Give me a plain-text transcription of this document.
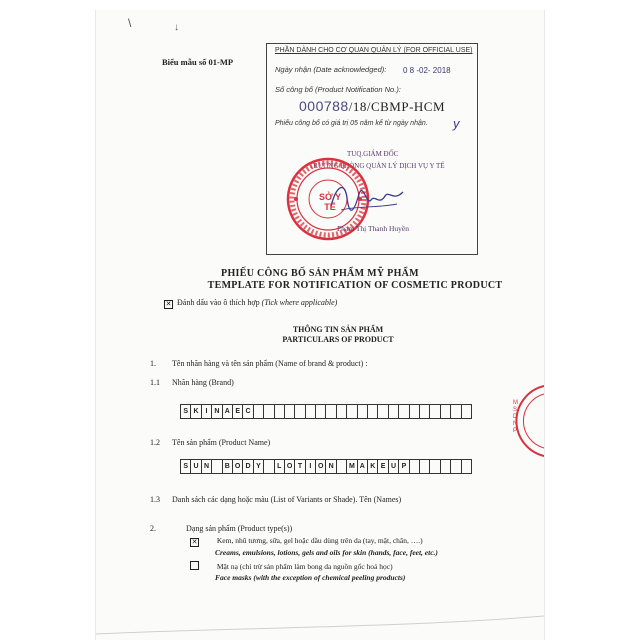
\	↓
Biểu mẫu số 01-MP
PHẦN DÀNH CHO CƠ QUAN QUẢN LÝ (FOR OFFICIAL USE)
Ngày nhận (Date acknowledged): 0 8 -02- 2018
Số công bố (Product Notification No.):
000788/18/CBMP-HCM
Phiếu công bố có giá trị 05 năm kể từ ngày nhận. y
TUQ.GIÁM ĐỐC
TRƯỞNG PHÒNG QUẢN LÝ DỊCH VỤ Y TẾ
SỞ Y TẾ
Phạm Thị Thanh Huyền
PHIẾU CÔNG BỐ SẢN PHẨM MỸ PHẨM
TEMPLATE FOR NOTIFICATION OF COSMETIC PRODUCT
✕ Đánh dấu vào ô thích hợp (Tick where applicable)
THÔNG TIN SẢN PHẨM
PARTICULARS OF PRODUCT
1. Tên nhãn hàng và tên sản phẩm (Name of brand & product) :
1.1 Nhãn hàng (Brand)
S K I N A E C
1.2 Tên sản phẩm (Product Name)
S U N	B O D Y	L O T	I O N	M A K E U P
1.3 Danh sách các dạng hoặc màu (List of Variants or Shade). Tên (Names)
2.	Dạng sản phẩm (Product type(s))
✕	Kem, nhũ tương, sữa, gel hoặc dầu dùng trên da (tay, mặt, chân, ….)
Creams, emulsions, lotions, gels and oils for skin (hands, face, feet, etc.)
Mặt nạ (chỉ trừ sản phẩm làm bong da nguồn gốc hoá học)
Face masks (with the exception of chemical peeling products)
MSDNP
